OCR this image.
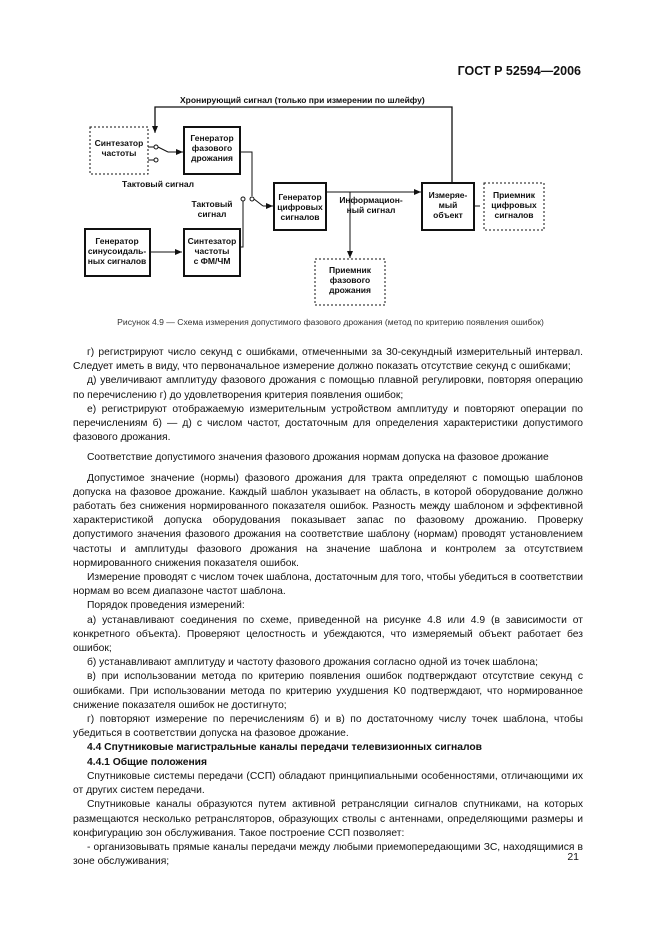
ГОСТ Р 52594—2006
Хронирующий сигнал (только при измерении по шлейфу)
Синтезатор частоты
Генератор фазового дрожания
Тактовый сигнал
Тактовый сигнал
Генератор цифровых сигналов
Информацион-ный сигнал
Измеряе-мый объект
Приемник цифровых сигналов
Генератор синусоидаль-ных сигналов
Синтезатор частоты с ФМ/ЧМ
Приемник фазового дрожания
Рисунок 4.9 — Схема измерения допустимого фазового дрожания (метод по критерию появления ошибок)

г) регистрируют число секунд с ошибками, отмеченными за 30-секундный измерительный интервал. Следует иметь в виду, что первоначальное измерение должно показать отсутствие секунд с ошибками;

д) увеличивают амплитуду фазового дрожания с помощью плавной регулировки, повторяя операцию по перечислению г) до удовлетворения критерия появления ошибок;

е) регистрируют отображаемую измерительным устройством амплитуду и повторяют операции по перечислениям б) — д) с числом частот, достаточным для определения характеристики допустимого фазового дрожания.

Соответствие допустимого значения фазового дрожания нормам допуска на фазовое дрожание

Допустимое значение (нормы) фазового дрожания для тракта определяют с помощью шаблонов допуска на фазовое дрожание. Каждый шаблон указывает на область, в которой оборудование должно работать без снижения нормированного показателя ошибок. Разность между шаблоном и эффективной характеристикой допуска оборудования показывает запас по фазовому дрожанию. Проверку допустимого значения фазового дрожания на соответствие шаблону (нормам) проводят установлением частоты и амплитуды фазового дрожания на значение шаблона и контролем за отсутствием нормированного снижения показателя ошибок.

Измерение проводят с числом точек шаблона, достаточным для того, чтобы убедиться в соответствии нормам во всем диапазоне частот шаблона.

Порядок проведения измерений:

а) устанавливают соединения по схеме, приведенной на рисунке 4.8 или 4.9 (в зависимости от конкретного объекта). Проверяют целостность и убеждаются, что измеряемый объект работает без ошибок;

б) устанавливают амплитуду и частоту фазового дрожания согласно одной из точек шаблона;

в) при использовании метода по критерию появления ошибок подтверждают отсутствие секунд с ошибками. При использовании метода по критерию ухудшения K0 подтверждают, что нормированное снижение показателя ошибок не достигнуто;

г) повторяют измерение по перечислениям б) и в) по достаточному числу точек шаблона, чтобы убедиться в соответствии допуска на фазовое дрожание.

4.4 Спутниковые магистральные каналы передачи телевизионных сигналов

4.4.1 Общие положения

Спутниковые системы передачи (ССП) обладают принципиальными особенностями, отличающими их от других систем передачи.

Спутниковые каналы образуются путем активной ретрансляции сигналов спутниками, на которых размещаются несколько ретрансляторов, образующих стволы с антеннами, определяющими размеры и конфигурацию зон обслуживания. Такое построение ССП позволяет:

- организовывать прямые каналы передачи между любыми приемопередающими ЗС, находящимися в зоне обслуживания;	21
